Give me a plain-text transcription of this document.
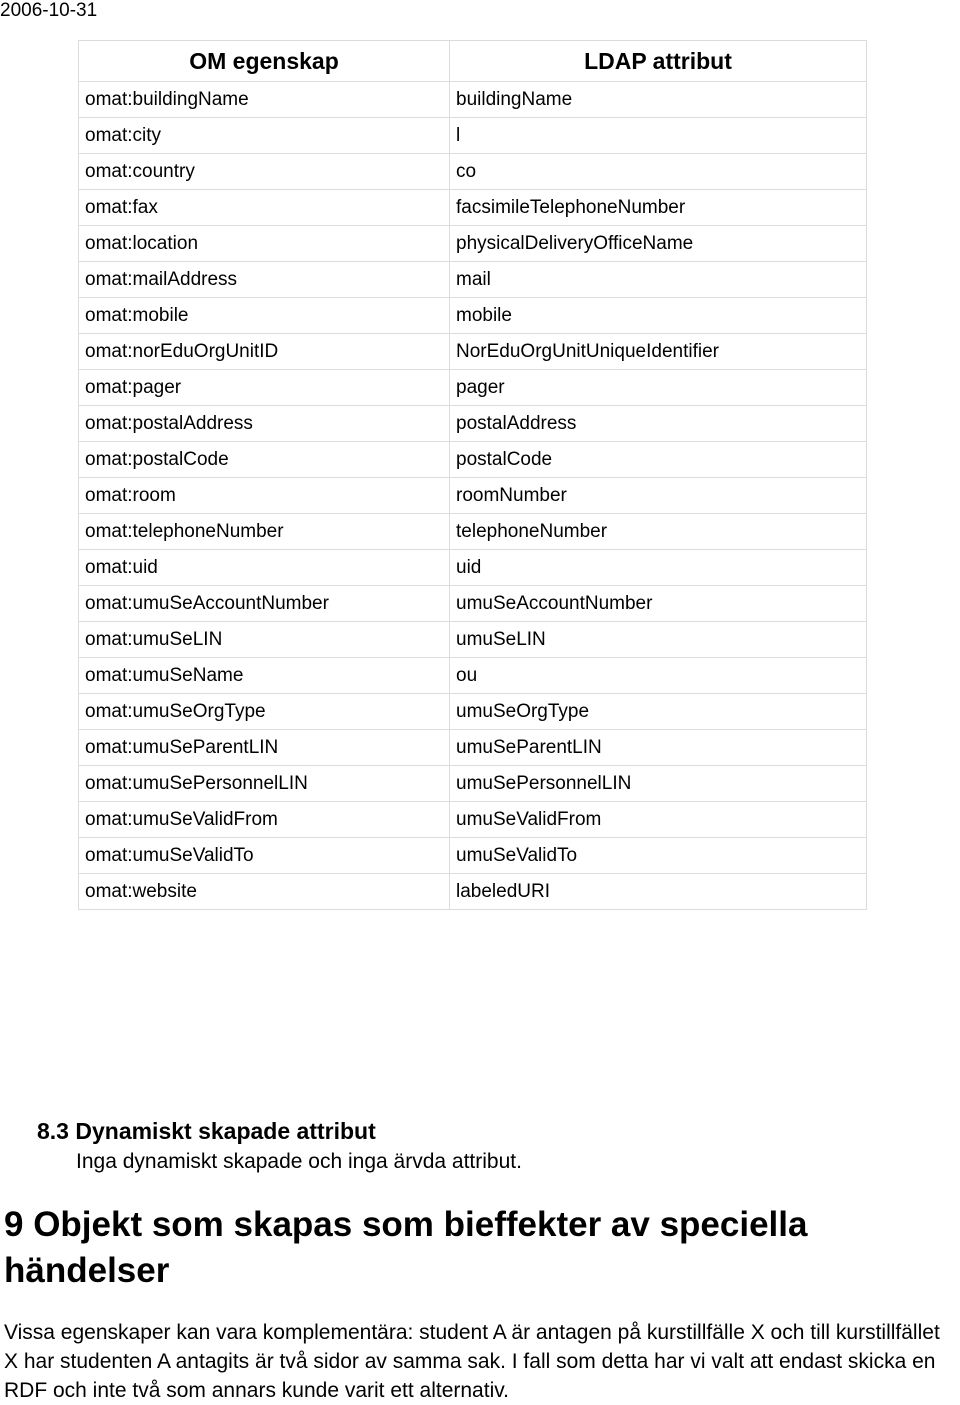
2006-10-31
OM egenskap	LDAP attribut
omat:buildingName	buildingName
omat:city	l
omat:country	co
omat:fax	facsimileTelephoneNumber
omat:location	physicalDeliveryOfficeName
omat:mailAddress	mail
omat:mobile	mobile
omat:norEduOrgUnitID	NorEduOrgUnitUniqueIdentifier
omat:pager	pager
omat:postalAddress	postalAddress
omat:postalCode	postalCode
omat:room	roomNumber
omat:telephoneNumber	telephoneNumber
omat:uid	uid
omat:umuSeAccountNumber	umuSeAccountNumber
omat:umuSeLIN	umuSeLIN
omat:umuSeName	ou
omat:umuSeOrgType	umuSeOrgType
omat:umuSeParentLIN	umuSeParentLIN
omat:umuSePersonnelLIN	umuSePersonnelLIN
omat:umuSeValidFrom	umuSeValidFrom
omat:umuSeValidTo	umuSeValidTo
omat:website	labeledURI
8.3 Dynamiskt skapade attribut
Inga dynamiskt skapade och inga ärvda attribut.
9 Objekt som skapas som bieffekter av speciella händelser
Vissa egenskaper kan vara komplementära: student A är antagen på kurstillfälle X och till kurstillfället X har studenten A antagits är två sidor av samma sak. I fall som detta har vi valt att endast skicka en RDF och inte två som annars kunde varit ett alternativ.
